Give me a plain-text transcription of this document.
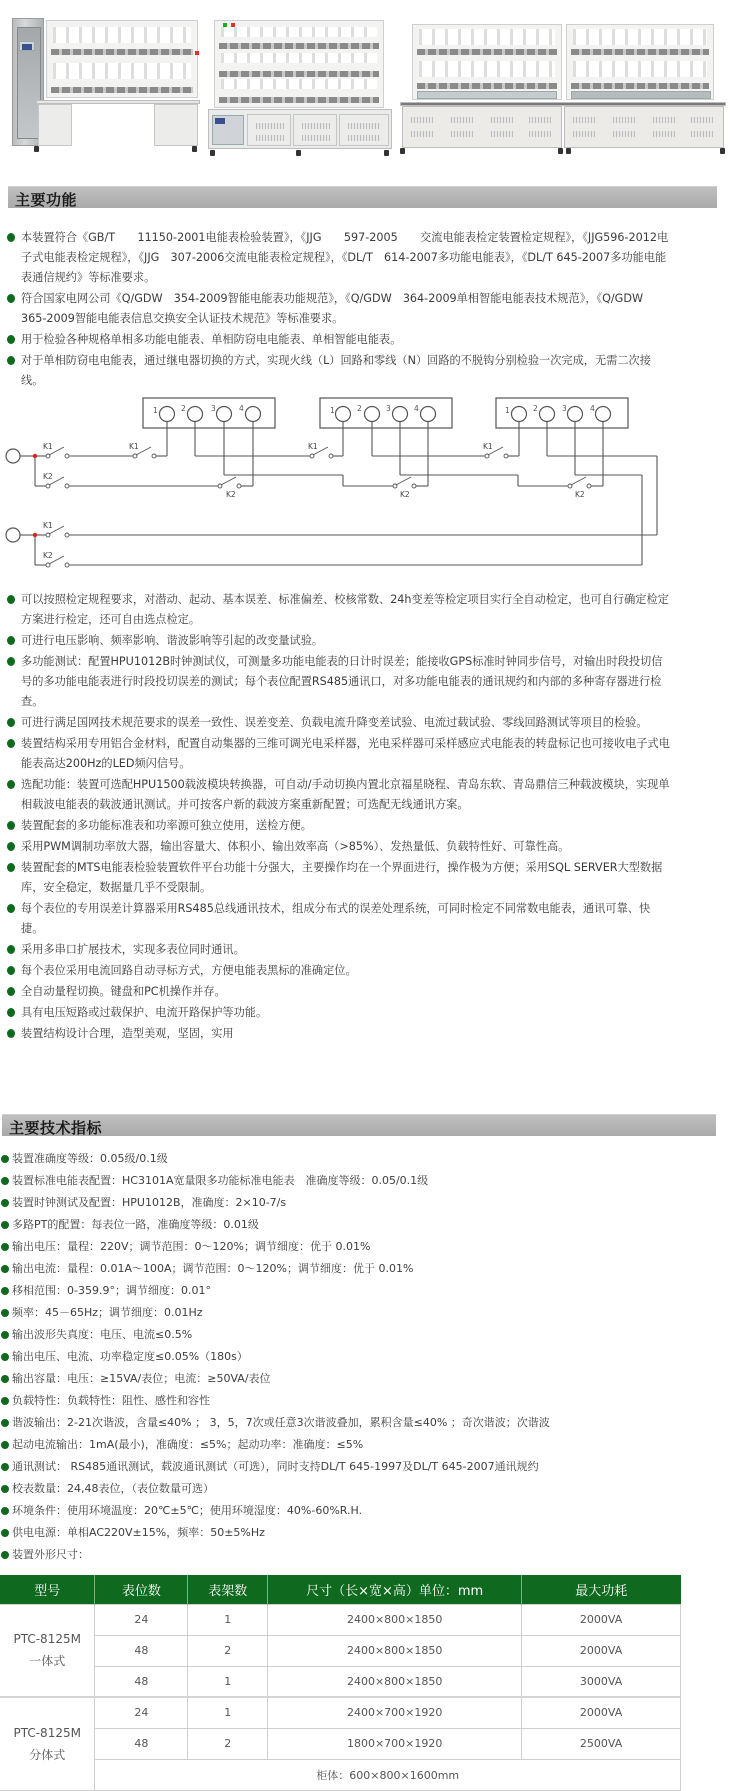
主要功能
本装置符合《GB/T　　11150-2001电能表检验装置》，《JJG　　597-2005　　交流电能表检定装置检定规程》，《JJG596-2012电子式电能表检定规程》，《JJG　307-2006交流电能表检定规程》，《DL/T　614-2007多功能电能表》，《DL/T 645-2007多功能电能表通信规约》等标准要求。
符合国家电网公司《Q/GDW　354-2009智能电能表功能规范》，《Q/GDW　364-2009单相智能电能表技术规范》，《Q/GDW 365-2009智能电能表信息交换安全认证技术规范》等标准要求。
用于检验各种规格单相多功能电能表、单相防窃电电能表、单相智能电能表。
对于单相防窃电电能表，通过继电器切换的方式，实现火线（L）回路和零线（N）回路的不脱钩分别检验一次完成，无需二次接线。
1	2	3	4	1	2	3	4	1	2	3	4
K1
K2
K1	K1	K1
K2	K2	K2
K1
K2
可以按照检定规程要求，对潜动、起动、基本误差、标准偏差、校核常数、24h变差等检定项目实行全自动检定，也可自行确定检定方案进行检定，还可自由选点检定。
可进行电压影响、频率影响、谐波影响等引起的改变量试验。
多功能测试：配置HPU1012B时钟测试仪，可测量多功能电能表的日计时误差；能接收GPS标准时钟同步信号，对输出时段投切信号的多功能电能表进行时段投切误差的测试；每个表位配置RS485通讯口，对多功能电能表的通讯规约和内部的多种寄存器进行检查。
可进行满足国网技术规范要求的误差一致性、误差变差、负载电流升降变差试验、电流过载试验、零线回路测试等项目的检验。
装置结构采用专用铝合金材料，配置自动集器的三维可调光电采样器，光电采样器可采样感应式电能表的转盘标记也可接收电子式电能表高达200Hz的LED频闪信号。
选配功能：装置可选配HPU1500载波模块转换器，可自动/手动切换内置北京福星晓程、青岛东软、青岛鼎信三种载波模块，实现单相载波电能表的载波通讯测试。并可按客户新的载波方案重新配置；可选配无线通讯方案。
装置配套的多功能标准表和功率源可独立使用，送检方便。
采用PWM调制功率放大器，输出容量大、体积小、输出效率高（>85%）、发热量低、负载特性好、可靠性高。
装置配套的MTS电能表检验装置软件平台功能十分强大，主要操作均在一个界面进行，操作极为方便；采用SQL SERVER大型数据库，安全稳定，数据量几乎不受限制。
每个表位的专用误差计算器采用RS485总线通讯技术，组成分布式的误差处理系统，可同时检定不同常数电能表，通讯可靠、快捷。
采用多串口扩展技术，实现多表位同时通讯。
每个表位采用电流回路自动寻标方式，方便电能表黑标的准确定位。
全自动量程切换。键盘和PC机操作并存。
具有电压短路或过载保护、电流开路保护等功能。
装置结构设计合理，造型美观，坚固，实用
主要技术指标
装置准确度等级：0.05级/0.1级
装置标准电能表配置：HC3101A宽量限多功能标准电能表　准确度等级：0.05/0.1级
装置时钟测试及配置：HPU1012B，准确度：2×10-7/s
多路PT的配置：每表位一路，准确度等级：0.01级
输出电压：量程：220V；调节范围：0～120%；调节细度：优于 0.01%
输出电流：量程：0.01A～100A；调节范围：0～120%；调节细度：优于 0.01%
移相范围：0-359.9°；调节细度：0.01°
频率：45－65Hz；调节细度：0.01Hz
输出波形失真度：电压、电流≤0.5%
输出电压、电流、功率稳定度≤0.05%（180s）
输出容量：电压：≥15VA/表位；电流：≥50VA/表位
负载特性：负载特性：阻性、感性和容性
谐波输出：2-21次谐波，含量≤40% ； 3，5，7次或任意3次谐波叠加，累积含量≤40% ；奇次谐波；次谐波
起动电流输出：1mA(最小)，准确度：≤5%；起动功率：准确度：≤5%
通讯测试： RS485通讯测试，载波通讯测试（可选），同时支持DL/T 645-1997及DL/T 645-2007通讯规约
校表数量：24,48表位，（表位数量可选）
环境条件：使用环境温度：20℃±5℃；使用环境湿度：40%-60%R.H.
供电电源：单相AC220V±15%，频率：50±5%Hz
装置外形尺寸：
型号	表位数	表架数	尺寸（长×宽×高）单位：mm	最大功耗

PTC-8125M
一体式	24	1	2400×800×1850	2000VA
	48	2	2400×800×1850	2000VA
	48	1	2400×800×1850	3000VA

PTC-8125M
分体式	24	1	2400×700×1920	2000VA
	48	2	1800×700×1920	2500VA
	柜体：600×800×1600mm			
